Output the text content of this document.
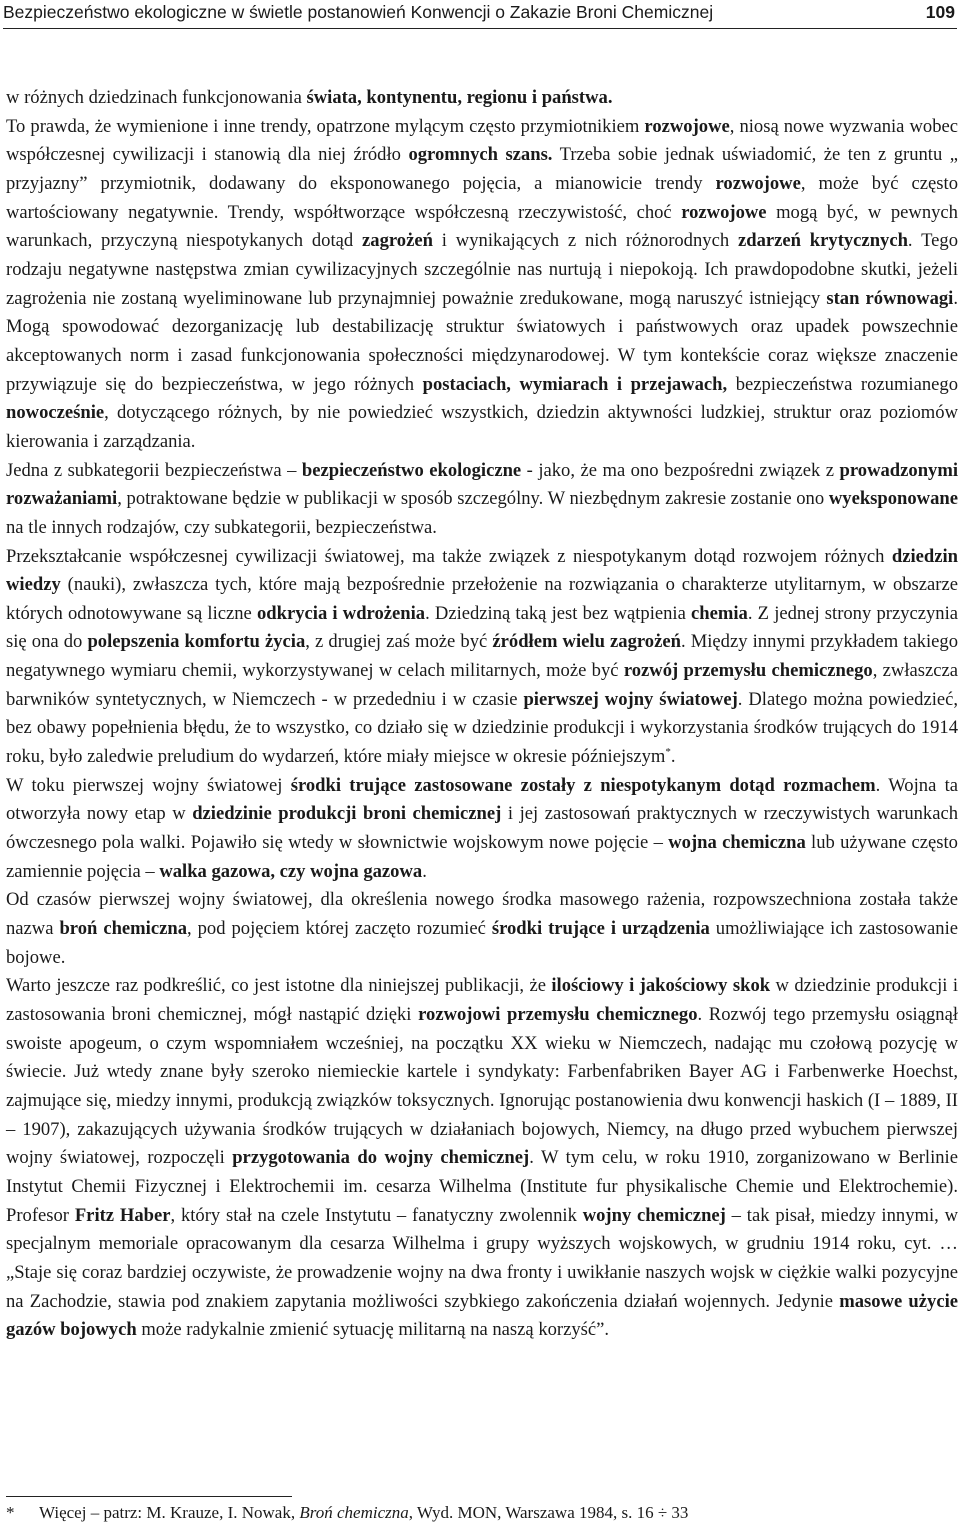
Bezpieczeństwo ekologiczne w świetle postanowień Konwencji o Zakazie Broni Chemicznej	109

w różnych dziedzinach funkcjonowania świata, kontynentu, regionu i państwa.

To prawda, że wymienione i inne trendy, opatrzone mylącym często przymiotnikiem rozwojowe, niosą nowe wyzwania wobec współczesnej cywilizacji i stanowią dla niej źródło ogromnych szans. Trzeba sobie jednak uświadomić, że ten z gruntu „ przyjazny” przymiotnik, dodawany do eksponowanego pojęcia, a mianowicie trendy rozwojowe, może być często wartościowany negatywnie. Trendy, współtworzące współczesną rzeczywistość, choć rozwojowe mogą być, w pewnych warunkach, przyczyną niespotykanych dotąd zagrożeń i wynikających z nich różnorodnych zdarzeń krytycznych. Tego rodzaju negatywne następstwa zmian cywilizacyjnych szczególnie nas nurtują i niepokoją. Ich prawdopodobne skutki, jeżeli zagrożenia nie zostaną wyeliminowane lub przynajmniej poważnie zredukowane, mogą naruszyć istniejący stan równowagi. Mogą spowodować dezorganizację lub destabilizację struktur światowych i państwowych oraz upadek powszechnie akceptowanych norm i zasad funkcjonowania społeczności międzynarodowej. W tym kontekście coraz większe znaczenie przywiązuje się do bezpieczeństwa, w jego różnych postaciach, wymiarach i przejawach, bezpieczeństwa rozumianego nowocześnie, dotyczącego różnych, by nie powiedzieć wszystkich, dziedzin aktywności ludzkiej, struktur oraz poziomów kierowania i zarządzania.

Jedna z subkategorii bezpieczeństwa – bezpieczeństwo ekologiczne - jako, że ma ono bezpośredni związek z prowadzonymi rozważaniami, potraktowane będzie w publikacji w sposób szczególny. W niezbędnym zakresie zostanie ono wyeksponowane na tle innych rodzajów, czy subkategorii, bezpieczeństwa.

Przekształcanie współczesnej cywilizacji światowej, ma także związek z niespotykanym dotąd rozwojem różnych dziedzin wiedzy (nauki), zwłaszcza tych, które mają bezpośrednie przełożenie na rozwiązania o charakterze utylitarnym, w obszarze których odnotowywane są liczne odkrycia i wdrożenia. Dziedziną taką jest bez wątpienia chemia. Z jednej strony przyczynia się ona do polepszenia komfortu życia, z drugiej zaś może być źródłem wielu zagrożeń. Między innymi przykładem takiego negatywnego wymiaru chemii, wykorzystywanej w celach militarnych, może być rozwój przemysłu chemicznego, zwłaszcza barwników syntetycznych, w Niemczech - w przededniu i w czasie pierwszej wojny światowej. Dlatego można powiedzieć, bez obawy popełnienia błędu, że to wszystko, co działo się w dziedzinie produkcji i wykorzystania środków trujących do 1914 roku, było zaledwie preludium do wydarzeń, które miały miejsce w okresie późniejszym*.

W toku pierwszej wojny światowej środki trujące zastosowane zostały z niespotykanym dotąd rozmachem. Wojna ta otworzyła nowy etap w dziedzinie produkcji broni chemicznej i jej zastosowań praktycznych w rzeczywistych warunkach ówczesnego pola walki. Pojawiło się wtedy w słownictwie wojskowym nowe pojęcie – wojna chemiczna lub używane często zamiennie pojęcia – walka gazowa, czy wojna gazowa.

Od czasów pierwszej wojny światowej, dla określenia nowego środka masowego rażenia, rozpowszechniona została także nazwa broń chemiczna, pod pojęciem której zaczęto rozumieć środki trujące i urządzenia umożliwiające ich zastosowanie bojowe.

Warto jeszcze raz podkreślić, co jest istotne dla niniejszej publikacji, że ilościowy i jakościowy skok w dziedzinie produkcji i zastosowania broni chemicznej, mógł nastąpić dzięki rozwojowi przemysłu chemicznego. Rozwój tego przemysłu osiągnął swoiste apogeum, o czym wspomniałem wcześniej, na początku XX wieku w Niemczech, nadając mu czołową pozycję w świecie. Już wtedy znane były szeroko niemieckie kartele i syndykaty: Farbenfabriken Bayer AG i Farbenwerke Hoechst, zajmujące się, miedzy innymi, produkcją związków toksycznych. Ignorując postanowienia dwu konwencji haskich (I – 1889, II – 1907), zakazujących używania środków trujących w działaniach bojowych, Niemcy, na długo przed wybuchem pierwszej wojny światowej, rozpoczęli przygotowania do wojny chemicznej. W tym celu, w roku 1910, zorganizowano w Berlinie Instytut Chemii Fizycznej i Elektrochemii im. cesarza Wilhelma (Institute fur physikalische Chemie und Elektrochemie). Profesor Fritz Haber, który stał na czele Instytutu – fanatyczny zwolennik wojny chemicznej – tak pisał, miedzy innymi, w specjalnym memoriale opracowanym dla cesarza Wilhelma i grupy wyższych wojskowych, w grudniu 1914 roku, cyt. … „Staje się coraz bardziej oczywiste, że prowadzenie wojny na dwa fronty i uwikłanie naszych wojsk w ciężkie walki pozycyjne na Zachodzie, stawia pod znakiem zapytania możliwości szybkiego zakończenia działań wojennych. Jedynie masowe użycie gazów bojowych może radykalnie zmienić sytuację militarną na naszą korzyść”.

* Więcej – patrz: M. Krauze, I. Nowak, Broń chemiczna, Wyd. MON, Warszawa 1984, s. 16 ÷ 33
